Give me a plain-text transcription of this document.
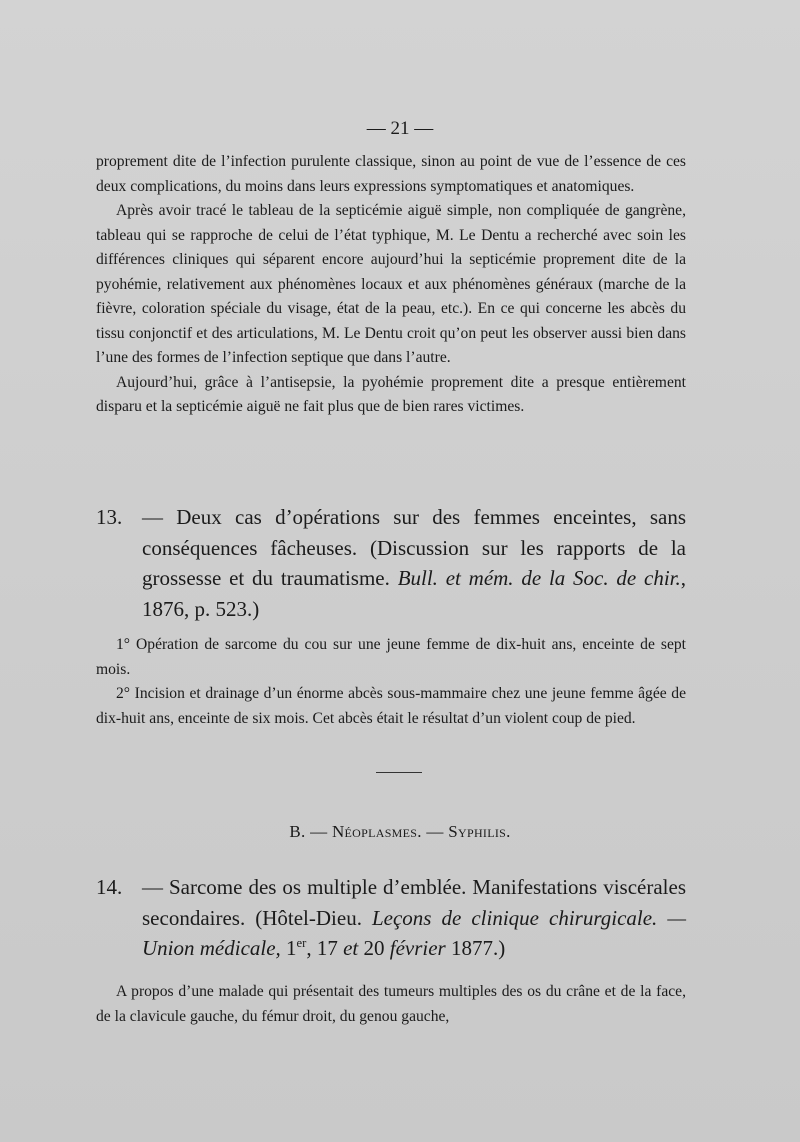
— 21 —

proprement dite de l’infection purulente classique, sinon au point de vue de l’essence de ces deux complications, du moins dans leurs expressions symptomatiques et anatomiques.

Après avoir tracé le tableau de la septicémie aiguë simple, non compliquée de gangrène, tableau qui se rapproche de celui de l’état typhique, M. Le Dentu a recherché avec soin les différences cliniques qui séparent encore aujourd’hui la septicémie proprement dite de la pyohémie, relativement aux phénomènes locaux et aux phénomènes généraux (marche de la fièvre, coloration spéciale du visage, état de la peau, etc.). En ce qui concerne les abcès du tissu conjonctif et des articulations, M. Le Dentu croit qu’on peut les observer aussi bien dans l’une des formes de l’infection septique que dans l’autre.

Aujourd’hui, grâce à l’antisepsie, la pyohémie proprement dite a presque entièrement disparu et la septicémie aiguë ne fait plus que de bien rares victimes.

13. — Deux cas d’opérations sur des femmes enceintes, sans conséquences fâcheuses. (Discussion sur les rapports de la grossesse et du traumatisme. Bull. et mém. de la Soc. de chir., 1876, p. 523.)

1° Opération de sarcome du cou sur une jeune femme de dix-huit ans, enceinte de sept mois.

2° Incision et drainage d’un énorme abcès sous-mammaire chez une jeune femme âgée de dix-huit ans, enceinte de six mois. Cet abcès était le résultat d’un violent coup de pied.

B. — Néoplasmes. — Syphilis.

14. — Sarcome des os multiple d’emblée. Manifestations viscérales secondaires. (Hôtel-Dieu. Leçons de clinique chirurgicale. — Union médicale, 1er, 17 et 20 février 1877.)

A propos d’une malade qui présentait des tumeurs multiples des os du crâne et de la face, de la clavicule gauche, du fémur droit, du genou gauche,
